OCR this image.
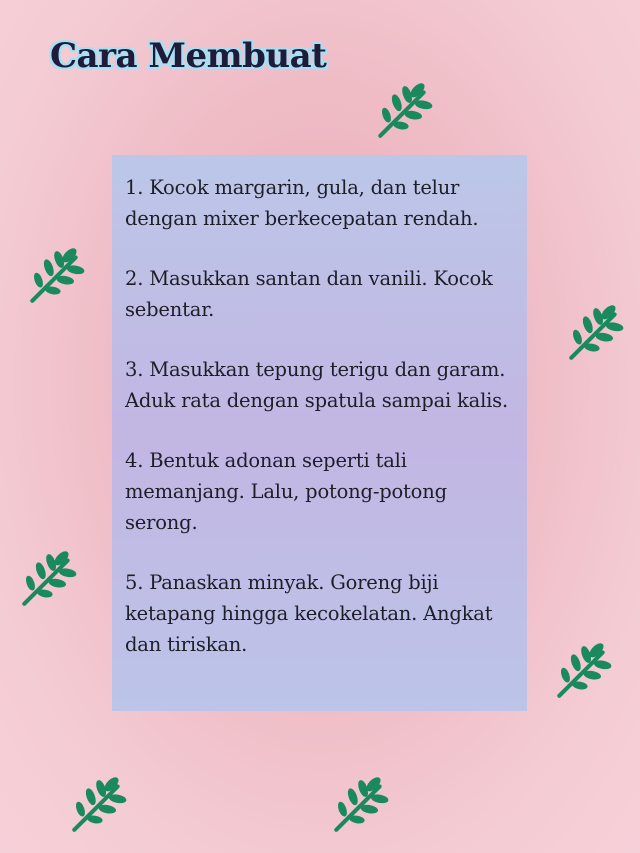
Cara Membuat

1. Kocok margarin, gula, dan telur dengan mixer berkecepatan rendah.

2. Masukkan santan dan vanili. Kocok sebentar.

3. Masukkan tepung terigu dan garam. Aduk rata dengan spatula sampai kalis.

4. Bentuk adonan seperti tali memanjang. Lalu, potong-potong serong.

5. Panaskan minyak. Goreng biji ketapang hingga kecokelatan. Angkat dan tiriskan.
